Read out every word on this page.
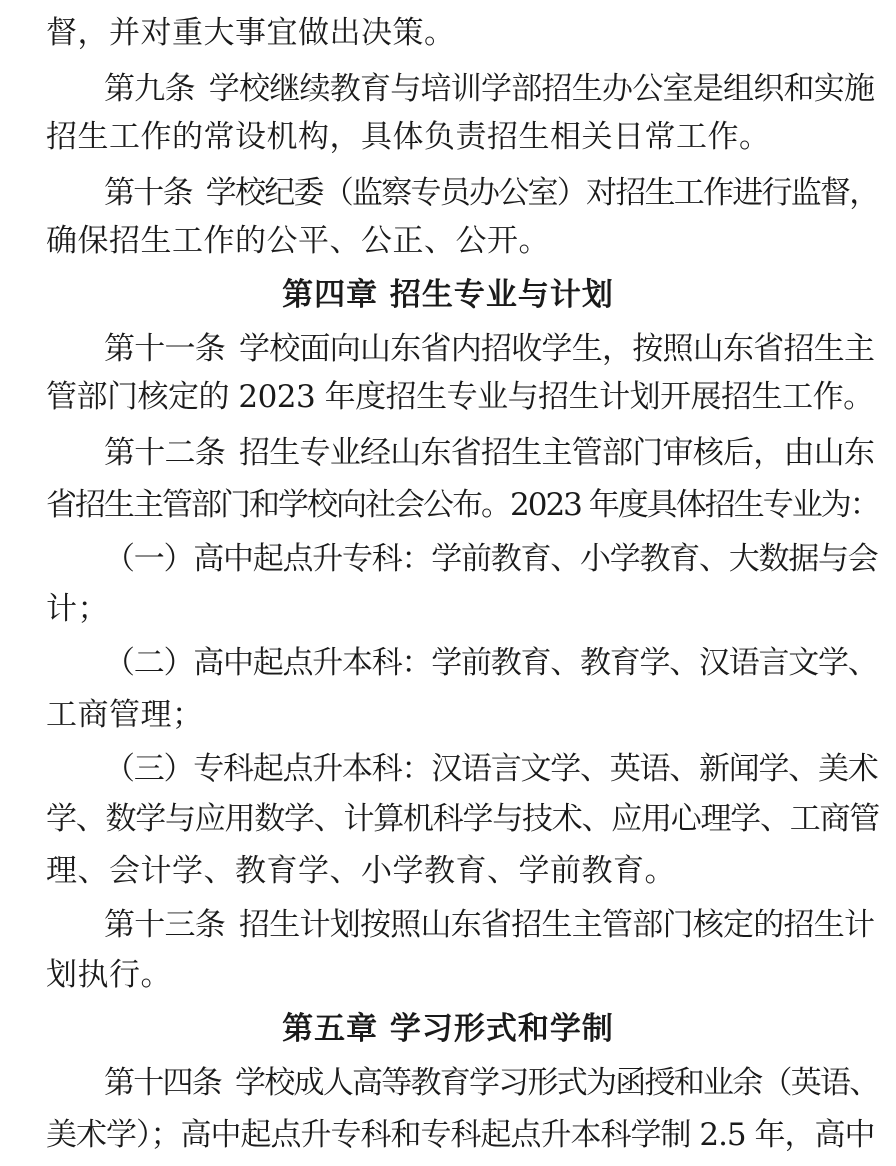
督，并对重大事宜做出决策。
第九条 学校继续教育与培训学部招生办公室是组织和实施
招生工作的常设机构，具体负责招生相关日常工作。
第十条 学校纪委（监察专员办公室）对招生工作进行监督，
确保招生工作的公平、公正、公开。
第四章 招生专业与计划
第十一条 学校面向山东省内招收学生，按照山东省招生主
管部门核定的 2023 年度招生专业与招生计划开展招生工作。
第十二条 招生专业经山东省招生主管部门审核后，由山东
省招生主管部门和学校向社会公布。2023 年度具体招生专业为：
（一）高中起点升专科：学前教育、小学教育、大数据与会
计；
（二）高中起点升本科：学前教育、教育学、汉语言文学、
工商管理；
（三）专科起点升本科：汉语言文学、英语、新闻学、美术
学、数学与应用数学、计算机科学与技术、应用心理学、工商管
理、会计学、教育学、小学教育、学前教育。
第十三条 招生计划按照山东省招生主管部门核定的招生计
划执行。
第五章 学习形式和学制
第十四条 学校成人高等教育学习形式为函授和业余（英语、
美术学）；高中起点升专科和专科起点升本科学制 2.5 年，高中
